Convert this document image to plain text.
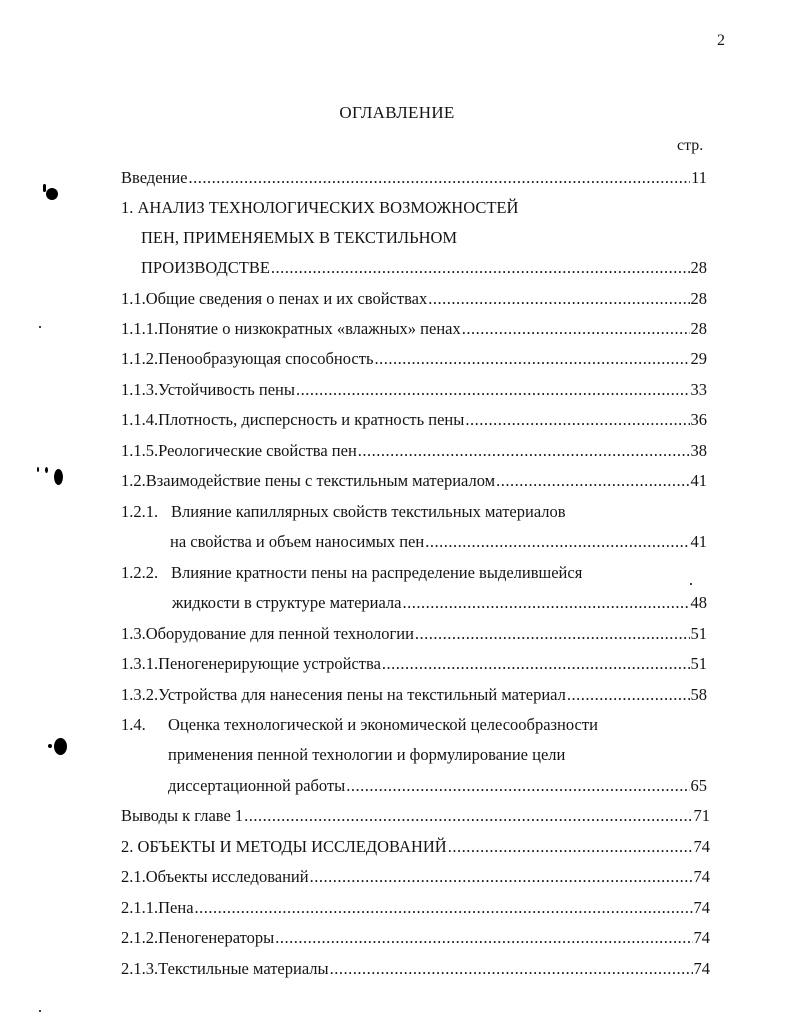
2
ОГЛАВЛЕНИЕ
стр.
Введение .....	11
1. АНАЛИЗ ТЕХНОЛОГИЧЕСКИХ ВОЗМОЖНОСТЕЙ
ПЕН, ПРИМЕНЯЕМЫХ В ТЕКСТИЛЬНОМ
ПРОИЗВОДСТВЕ .....	28
1.1. Общие сведения о пенах и их свойствах .....	28
1.1.1. Понятие о низкократных «влажных» пенах .....	28
1.1.2. Пенообразующая способность .....	29
1.1.3. Устойчивость пены .....	33
1.1.4. Плотность, дисперсность и кратность пены .....	36
1.1.5. Реологические свойства пен .....	38
1.2. Взаимодействие пены с текстильным материалом .....	41
1.2.1. Влияние капиллярных свойств текстильных материалов
на свойства и объем наносимых пен .....	41
1.2.2. Влияние кратности пены на распределение выделившейся
жидкости в структуре материала .....	48
1.3. Оборудование для пенной технологии .....	51
1.3.1. Пеногенерирующие устройства .....	51
1.3.2. Устройства для нанесения пены на текстильный материал .....	58
1.4.	Оценка технологической и экономической целесообразности
применения пенной технологии и формулирование цели
диссертационной работы .....	65
Выводы к главе 1 .....	71
2. ОБЪЕКТЫ И МЕТОДЫ ИССЛЕДОВАНИЙ .....	74
2.1. Объекты исследований .....	74
2.1.1. Пена .....	74
2.1.2. Пеногенераторы .....	74
2.1.3. Текстильные материалы .....	74
